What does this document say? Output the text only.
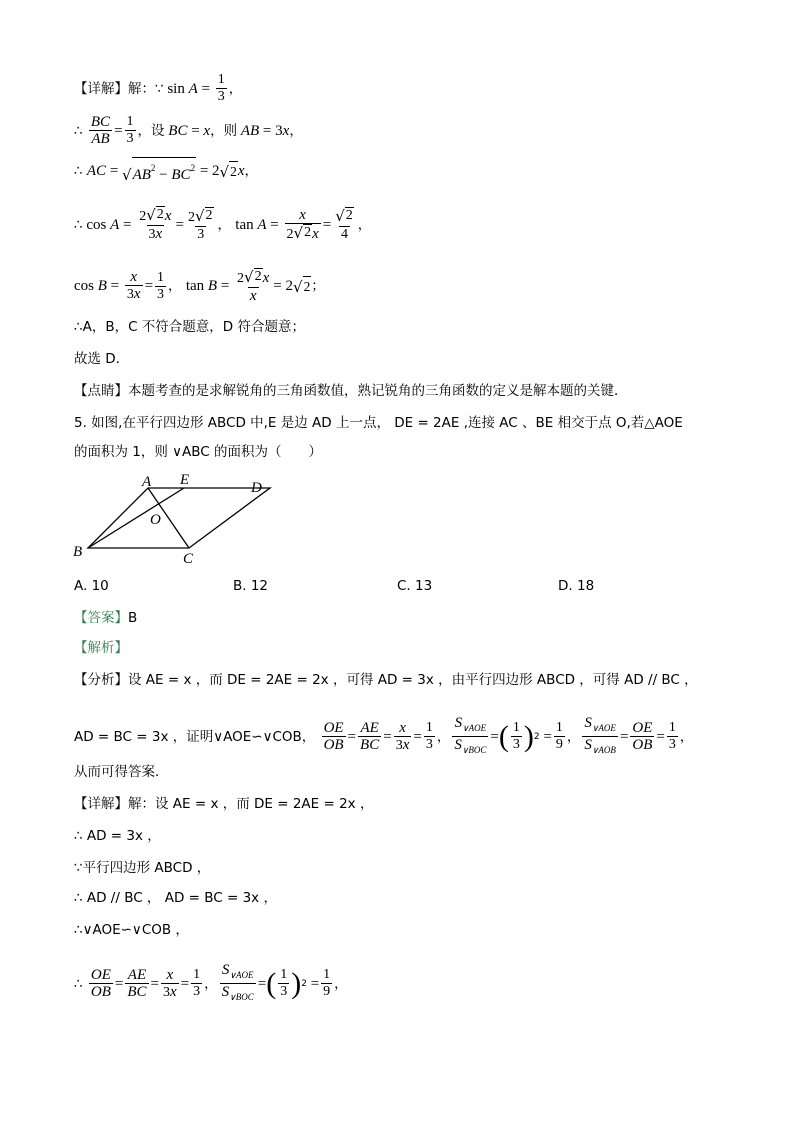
【详解】 解： ∵ $\sin A = \frac{1}{3}$ ，
∴
$\frac{BC}{AB} = \frac{1}{3}$ ，设 BC = x ，则 AB = 3 x ，
∴
AC = √ $AB^2 - BC^2 = 2$ √ 2 x ，
∴ $\cos A = \frac{2 √ 2 x}{3x} = \frac{2 √ 2}{3}$ ，
$\tan A = \frac{x}{2 √ 2 x} = \frac{√ 2}{4}$ ，
$\cos B = \frac{x}{3x} = \frac{1}{3}$ ，
$\tan B = \frac{2 √ 2 x}{x} = 2$ √ 2 ；
∴A，B，C 不符合题意，D 符合题意；
故选 D.
【点睛】 本题考查的是求解锐角的三角函数值，熟记锐角的三角函数的定义是解本题的关键．
5. 如图,在平行四边形 ABCD 中,E 是边 AD 上一点， DE = 2AE ,连接 AC 、BE 相交于点 O,若△AOE
的面积为 1，则 ∨ABC 的面积为（　　）
A E	D
O
B	C
A. 10	B. 12	C. 13	D. 18
【答案】 B
【解析】
【分析】 设 AE = x ，而 DE = 2AE = 2x ，可得 AD = 3x ，由平行四边形 ABCD ，可得 AD // BC ，
AD = BC = 3x ，证明∨AOE∽∨COB，
$\frac{OE}{OB} = \frac{AE}{BC} = \frac{x}{3x} = \frac{1}{3}$ ， $\frac{S_{\vee AOE}}{S_{\vee BOC}}$ = ( $\frac{1}{3}$ ) $2 = \frac{1}{9}$ ， $\frac{S_{\vee AOE}}{S_{\vee AOB}} = \frac{OE}{OB} = \frac{1}{3}$ ，
从而可得答案．
【详解】 解： 设 AE = x ，而 DE = 2AE = 2x ，
∴ AD = 3x ，
∵平行四边形 ABCD ，
∴ AD // BC ， AD = BC = 3x ，
∴∨AOE∽∨COB ，
∴
$\frac{OE}{OB} = \frac{AE}{BC} = \frac{x}{3x} = \frac{1}{3}$ ， $\frac{S_{\vee AOE}}{S_{\vee BOC}}$ = ( $\frac{1}{3}$ ) $2 = \frac{1}{9}$ ，
